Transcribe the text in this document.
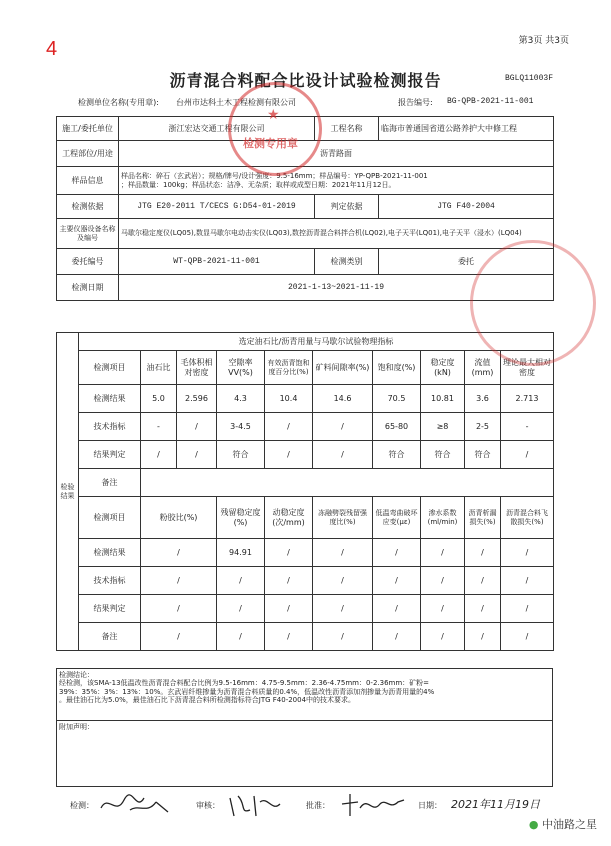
4	第3页 共3页
沥青混合料配合比设计试验检测报告	BGLQ11003F
检测单位名称(专用章): 台州市达科土木工程检测有限公司	报告编号: BG-QPB-2021-11-001
施工/委托单位	浙江宏达交通工程有限公司	工程名称	临海市普通国省道公路养护大中修工程
工程部位/用途	沥青路面		
样品信息	样品名称：碎石（玄武岩）；规格/牌号/设计强度：9.5-16mm；样品编号：YP-QPB-2021-11-001
；样品数量：100kg；样品状态：洁净、无杂质；取样或成型日期：2021年11月12日。		

检测依据	JTG E20-2011 T/CECS G:D54-01-2019	判定依据	JTG F40-2004
主要仪器设备名称及编号	马歇尔稳定度仪(LQ05),数显马歇尔电动击实仪(LQ03),数控沥青混合料拌合机(LQ02),电子天平(LQ01),电子天平（浸水）(LQ04)		
委托编号	WT-QPB-2021-11-001	检测类别	委托
检测日期	2021-1-13~2021-11-19		
检验结果	选定油石比/沥青用量与马歇尔试验物理指标									
	检测项目	油石比	毛体积相对密度	空隙率VV(%)	有效沥青饱和度百分比(%)	矿料间隙率(%)	饱和度(%)	稳定度(kN)	流值(mm)	理论最大相对密度
	检测结果	5.0	2.596	4.3	10.4	14.6	70.5	10.81	3.6	2.713
	技术指标	-	/	3-4.5	/	/	65-80	≥8	2-5	-
	结果判定	/	/	符合	/	/	符合	符合	符合	/
	备注									
	检测项目	粉胶比(%)		残留稳定度(%)	动稳定度(次/mm)	冻融劈裂残留强度比(%)	低温弯曲破坏应变(με)	渗水系数(ml/min)	沥青析漏损失(%)	沥青混合料飞散损失(%)
	检测结果	/		94.91	/	/	/	/	/	/
	技术指标	/		/	/	/	/	/	/	/
	结果判定	/		/	/	/	/	/	/	/
	备注	/		/	/	/	/	/	/	/
检测结论：
经检测，该SMA-13低温改性沥青混合料配合比例为9.5-16mm：4.75-9.5mm：2.36-4.75mm：0-2.36mm：矿粉=
39%：35%：3%：13%：10%。玄武岩纤维掺量为沥青混合料质量的0.4%，低温改性沥青添加剂掺量为沥青用量的4%
。最佳油石比为5.0%，最佳油石比下沥青混合料所检测指标符合JTG F40-2004中的技术要求。

附加声明：
检测：	审核：	批准：	日期： 2021年11月19日
检测专用章
★
● 中油路之星
